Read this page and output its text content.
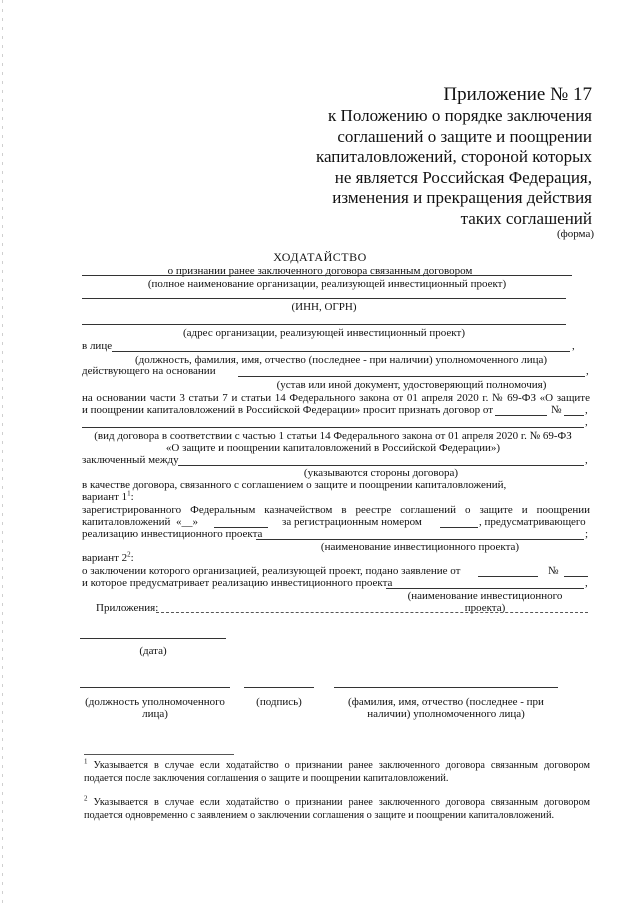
Приложение № 17
к Положению о порядке заключения
соглашений о защите и поощрении
капиталовложений, стороной которых
не является Российская Федерация,
изменения и прекращения действия
таких соглашений
(форма)
ХОДАТАЙСТВО
о признании ранее заключенного договора связанным договором
(полное наименование организации, реализующей инвестиционный проект)
(ИНН, ОГРН)
(адрес организации, реализующей инвестиционный проект)
в лице	,
(должность, фамилия, имя, отчество (последнее - при наличии) уполномоченного лица)
действующего на основании	,
(устав или иной документ, удостоверяющий полномочия)
на основании части 3 статьи 7 и статьи 14 Федерального закона от 01 апреля 2020 г. № 69-ФЗ «О защите
и поощрении капиталовложений в Российской Федерации» просит признать договор от	№ ,
,
(вид договора в соответствии с частью 1 статьи 14 Федерального закона от 01 апреля 2020 г. № 69-ФЗ
«О защите и поощрении капиталовложений в Российской Федерации»)
заключенный между	,
(указываются стороны договора)
в качестве договора, связанного с соглашением о защите и поощрении капиталовложений,
вариант $1^1$:
зарегистрированного Федеральным казначейством в реестре соглашений о защите и поощрении
капиталовложений «__»	за регистрационным номером	, предусматривающего
реализацию инвестиционного проекта	;
(наименование инвестиционного проекта)
вариант $2^2$:
о заключении которого организацией, реализующей проект, подано заявление от	№
и которое предусматривает реализацию инвестиционного проекта	,
(наименование инвестиционного проекта)
Приложения:
(дата)
(должность уполномоченного
лица)
(подпись)	(фамилия, имя, отчество (последнее - при
наличии) уполномоченного лица)
$^1$ Указывается в случае если ходатайство о признании ранее заключенного договора связанным договором подается после заключения соглашения о защите и поощрении капиталовложений.
$^2$ Указывается в случае если ходатайство о признании ранее заключенного договора связанным договором подается одновременно с заявлением о заключении соглашения о защите и поощрении капиталовложений.
